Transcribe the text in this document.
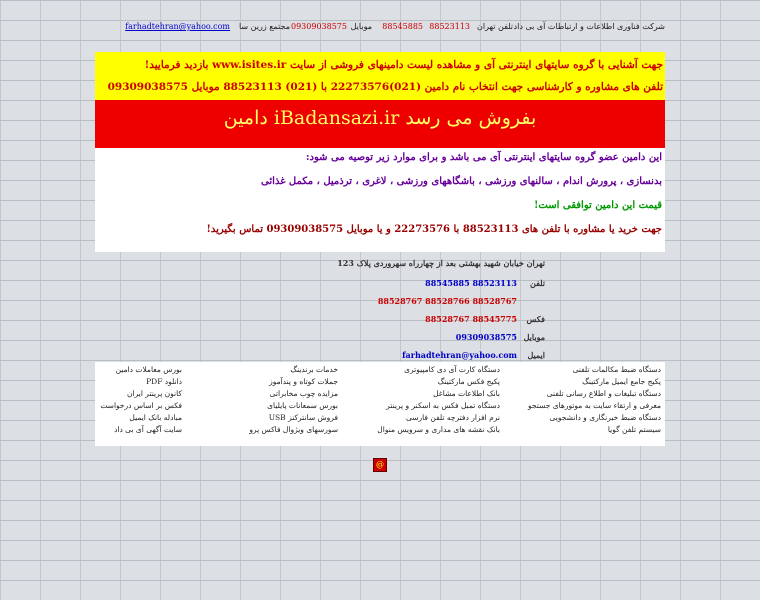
شرکت فناوری اطلاعات و ارتباطات آی بی داد
تلفن تهران
88523113
88545885
موبایل
09309038575
مجتمع زرین سا
farhadtehran@yahoo.com
جهت آشنایی با گروه سایتهای اینترنتی آی و مشاهده لیست دامینهای فروشی از سایت www.isites.ir بازدید فرمایید!
تلفن های مشاوره و کارشناسی جهت انتخاب نام دامین (021)22273576 با (021) 88523113 موبایل 09309038575
دامین iBadansazi.ir بفروش می رسد
این دامین عضو گروه سایتهای اینترنتی آی می باشد و برای موارد زیر توصیه می شود:
بدنسازی ، پرورش اندام ، سالنهای ورزشی ، باشگاههای ورزشی ، لاغری ، ترذمیل ، مکمل غذائی
قیمت این دامین توافقی است!
جهت خرید یا مشاوره با تلفن های 88523113 با 22273576 و یا موبایل 09309038575 تماس بگیرید!
تهران خیابان شهید بهشتی بعد از چهارراه سهروردی پلاک 123
تلفن
88523113 88545885
88528767 88528766 88528767
فکس
88545775 88528767
موبایل
09309038575
ایمیل
farhadtehran@yahoo.com
دستگاه ضبط مکالمات تلفنی
پکیج جامع ایمیل مارکتینگ
دستگاه تبلیغات و اطلاع رسانی تلفنی
معرفی و ارتقاء سایت به موتورهای جستجو
دستگاه ضبط خبرنگاری و دانشجویی
سیستم تلفن گویا
دستگاه کارت آی دی کامپیوتری
پکیج فکس مارکتینگ
بانک اطلاعات مشاغل
دستگاه تمبل فکس به اسکنر و پرینتر
نرم افزار دفترچه تلفن فارسی
بانک نقشه های مداری و سرویس منوال
خدمات برندینگ
جملات کوتاه و پندآموز
مزایده چوب مخابراتی
بورس سمعانات پایلیای
فروش سانترکنز USB
سورسهای ویژوال فاکس پرو
بورس معاملات دامین
دانلود PDF
کانون پرینتر ایران
فکس بر اساس درخواست
مبادله بانک ایمیل
سایت آگهی آی بی داد
@
